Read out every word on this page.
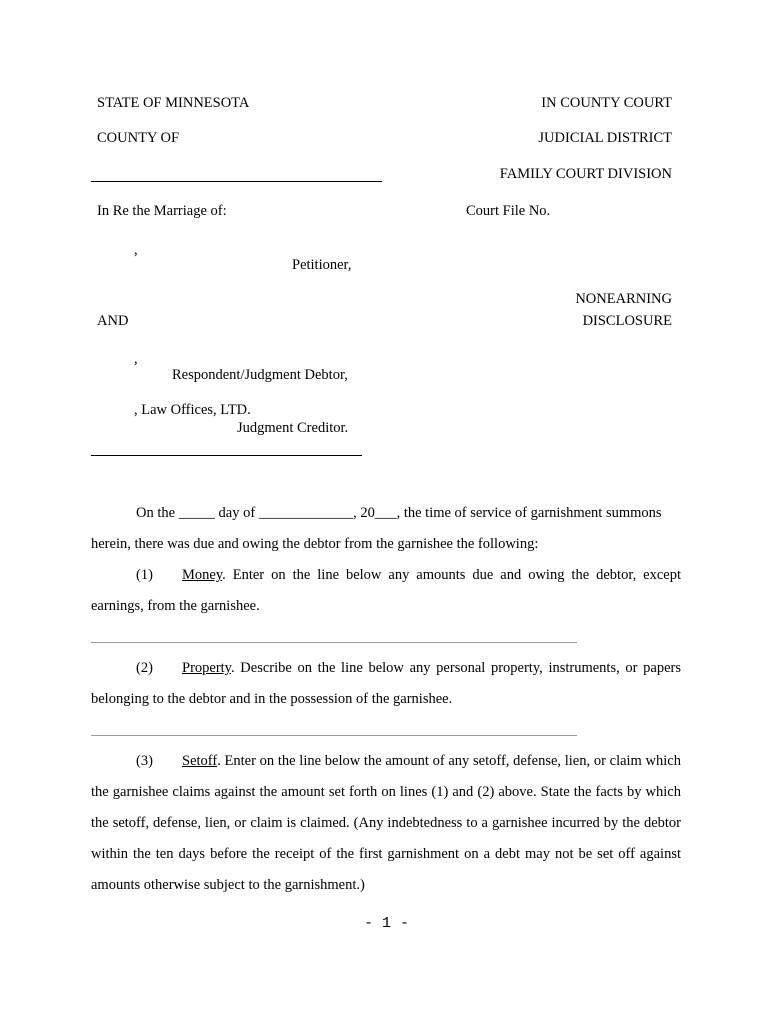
STATE OF MINNESOTA
COUNTY OF
In Re the Marriage of:
,
Petitioner,
AND
,
Respondent/Judgment Debtor,
, Law Offices, LTD.
Judgment Creditor.
IN COUNTY COURT
JUDICIAL DISTRICT
FAMILY COURT DIVISION
Court File No.
NONEARNING
DISCLOSURE
On the _____ day of _____________, 20___, the time of service of garnishment summons
herein, there was due and owing the debtor from the garnishee the following:
(1) Money. Enter on the line below any amounts due and owing the debtor, except earnings, from the garnishee.
(2) Property. Describe on the line below any personal property, instruments, or papers belonging to the debtor and in the possession of the garnishee.
(3) Setoff. Enter on the line below the amount of any setoff, defense, lien, or claim which the garnishee claims against the amount set forth on lines (1) and (2) above. State the facts by which the setoff, defense, lien, or claim is claimed. (Any indebtedness to a garnishee incurred by the debtor within the ten days before the receipt of the first garnishment on a debt may not be set off against amounts otherwise subject to the garnishment.)
- 1 -
